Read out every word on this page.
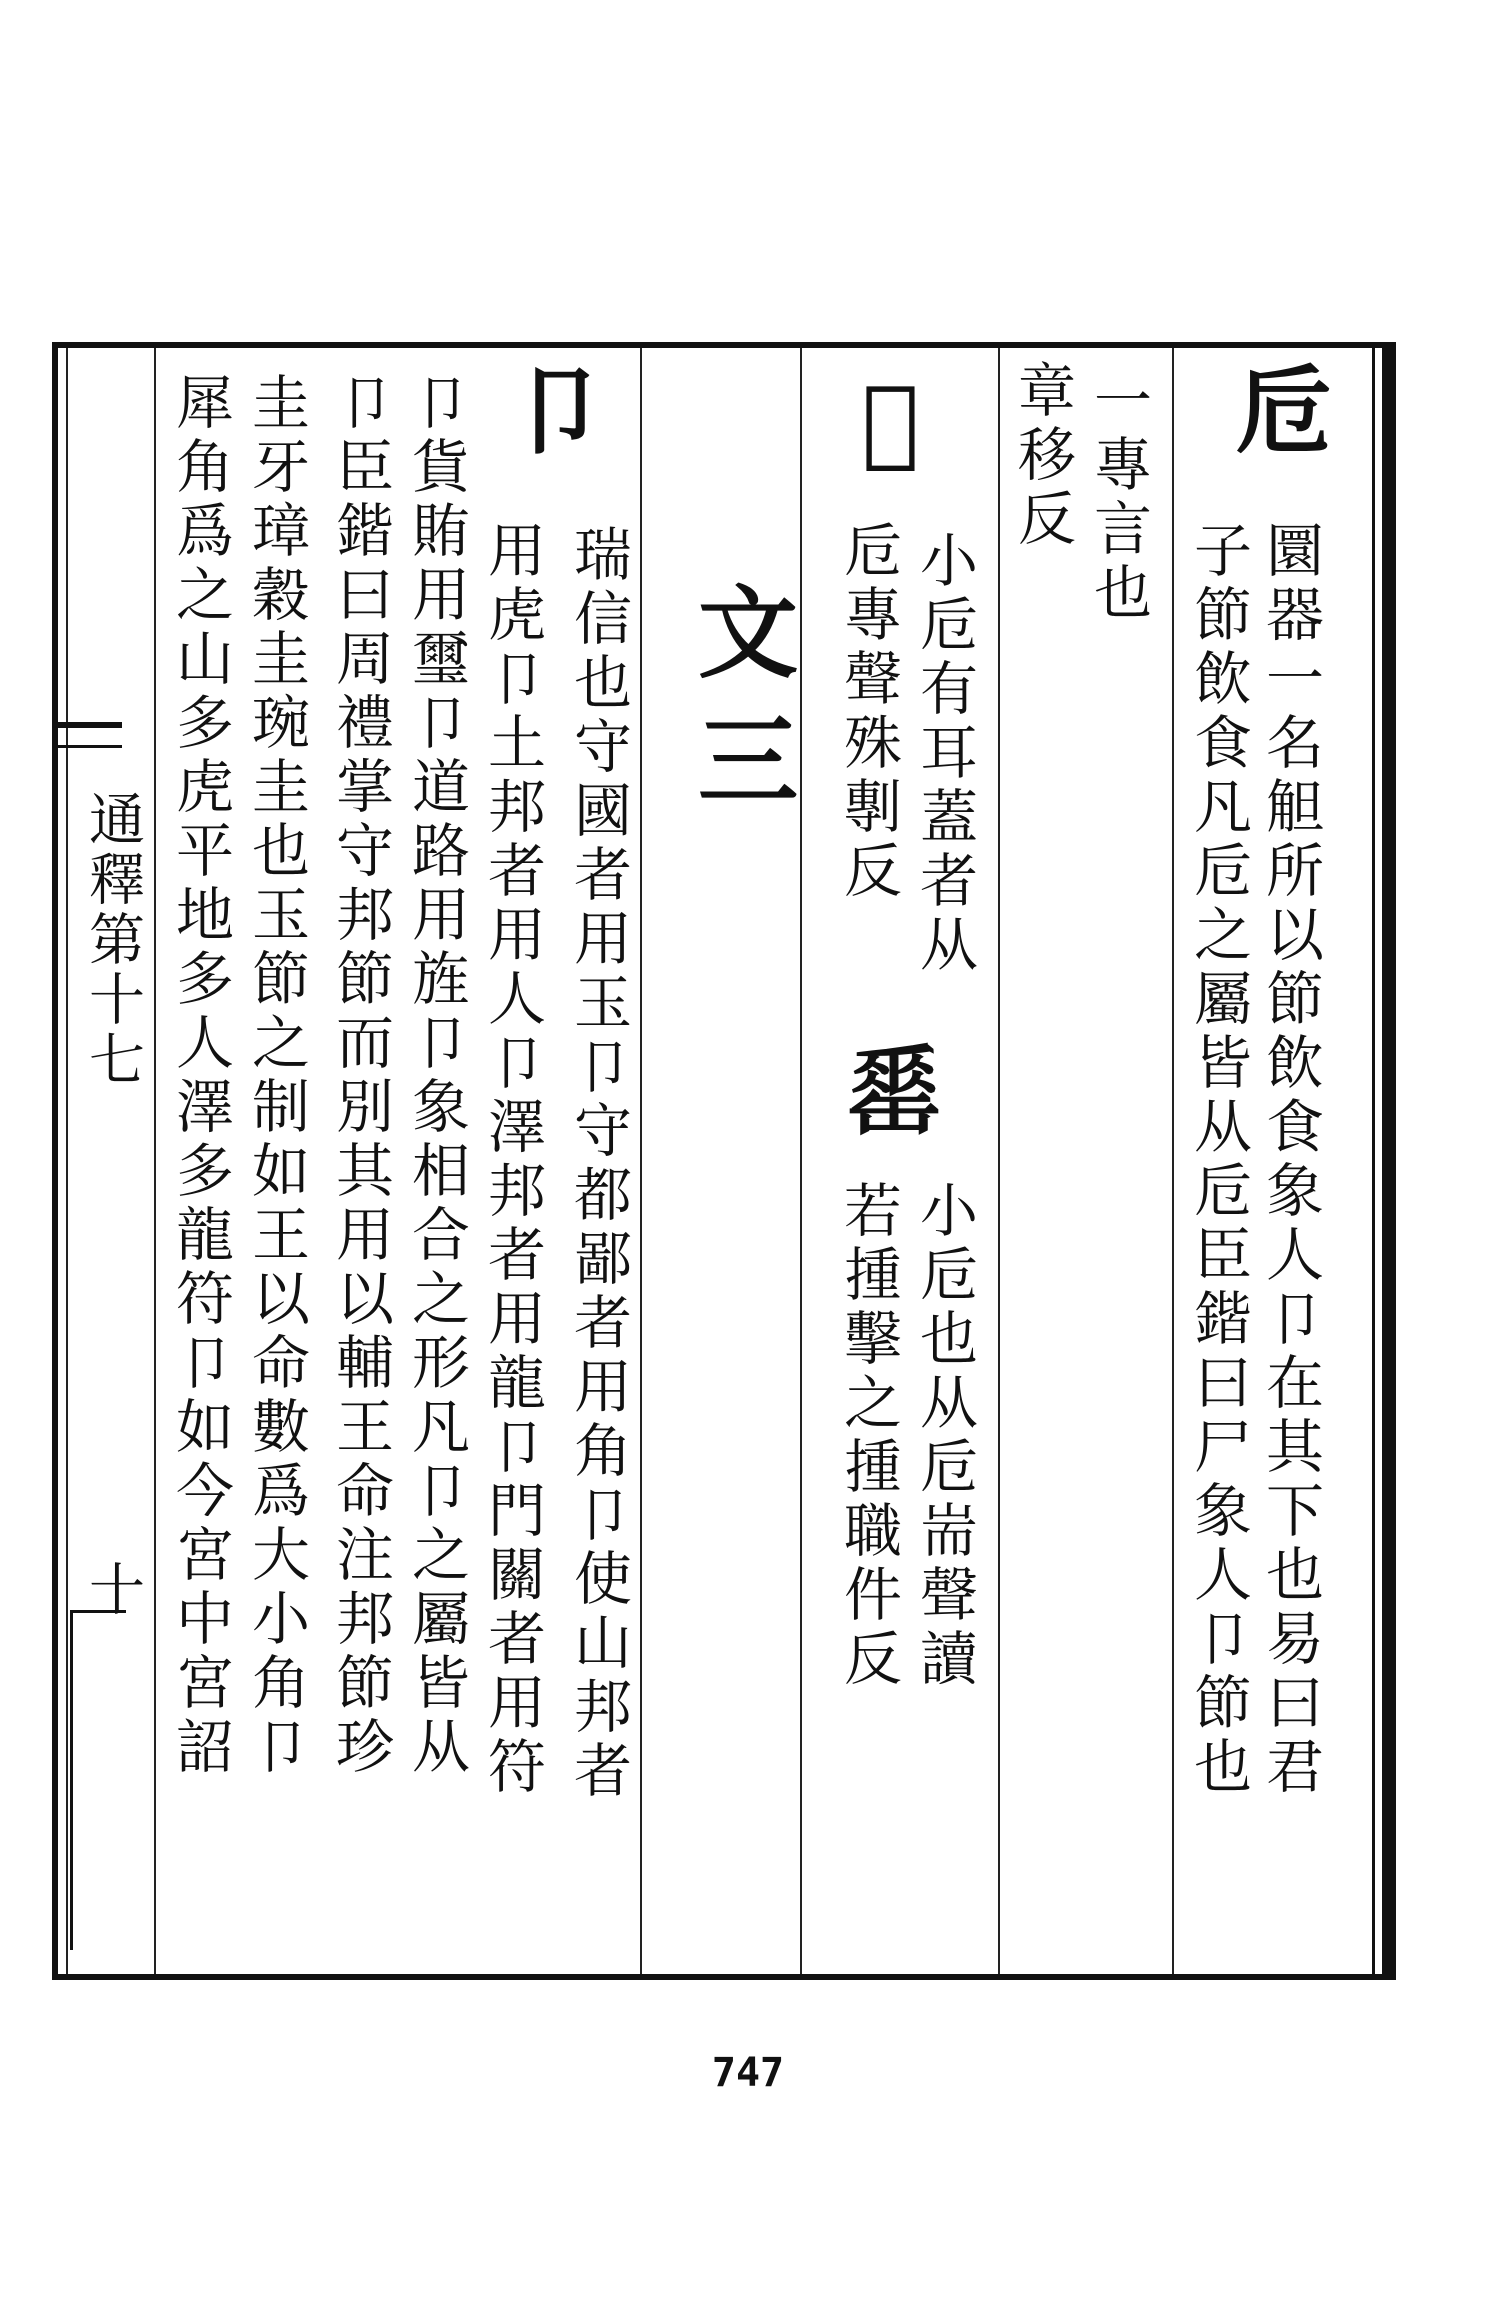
卮
圜器一名觛所以節飲食象人卩在其下也易曰君
子節飲食凡卮之屬皆从卮臣鍇曰尸象人卩節也
一專言也
章移反
𦈚
小卮有耳蓋者从
卮專聲殊剸反
𦉈
小卮也从卮耑聲讀
若揰擊之揰職件反
文三
卩
瑞信也守國者用玉卩守都鄙者用角卩使山邦者
用虎卩土邦者用人卩澤邦者用龍卩門關者用符
卩貨賄用璽卩道路用旌卩象相合之形凡卩之屬皆从
卩臣鍇曰周禮掌守邦節而別其用以輔王命注邦節珍
圭牙璋穀圭琬圭也玉節之制如王以命數爲大小角卩
犀角爲之山多虎平地多人澤多龍符卩如今宮中宮詔
通釋第十七
十
747
